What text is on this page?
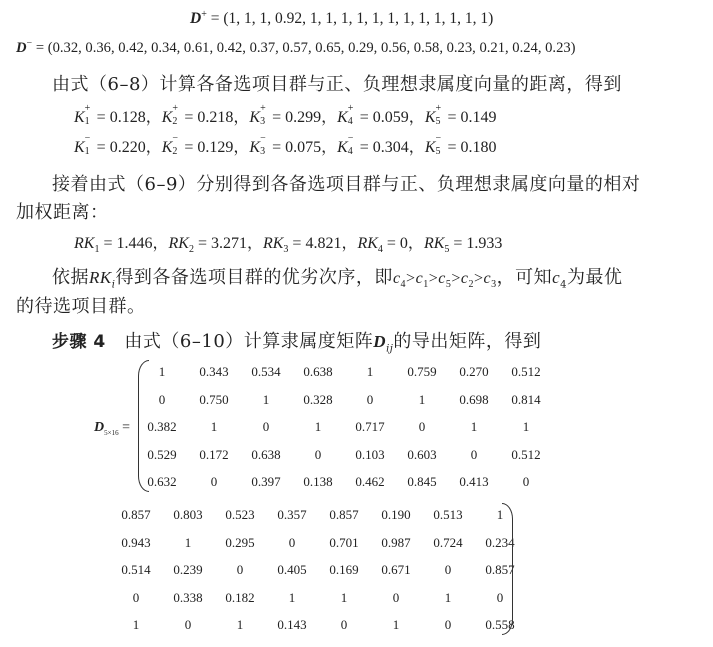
D+ = (1, 1, 1, 0.92, 1, 1, 1, 1, 1, 1, 1, 1, 1, 1, 1, 1)
D− = (0.32, 0.36, 0.42, 0.34, 0.61, 0.42, 0.37, 0.57, 0.65, 0.29, 0.56, 0.58, 0.23, 0.21, 0.24, 0.23)
由式（6–8）计算各备选项目群与正、负理想隶属度向量的距离，得到
K
+
1 = 0.128，K
+
2 = 0.218，K
+
3 = 0.299，K
+
4 = 0.059，K
+
5 = 0.149
K
−
1 = 0.220，K
−
2 = 0.129，K
−
3 = 0.075，K
−
4 = 0.304，K
−
5 = 0.180
接着由式（6–9）分别得到各备选项目群与正、负理想隶属度向量的相对
加权距离：
$RK_1 = 1.446$，$RK_2 = 3.271$，$RK_3 = 4.821$，$RK_4 = 0$，$RK_5 = 1.933$
依据$RK_i$得到各备选项目群的优劣次序，即$c_4>c_1>c_5>c_2>c_3$，可知$c_4$为最优
的待选项目群。
步骤 4 由式（6–10）计算隶属度矩阵$D_{ij}$的导出矩阵，得到
$D_{5\times 16}$ =
1	0.343	0.534	0.638	1	0.759	0.270	0.512
0	0.750	1	0.328	0	1	0.698	0.814
0.382	1	0	1	0.717	0	1	1
0.529	0.172	0.638	0	0.103	0.603	0	0.512
0.632	0	0.397	0.138	0.462	0.845	0.413	0
0.857	0.803	0.523	0.357	0.857	0.190	0.513	1
0.943	1	0.295	0	0.701	0.987	0.724	0.234
0.514	0.239	0	0.405	0.169	0.671	0	0.857
0	0.338	0.182	1	1	0	1	0
1	0	1	0.143	0	1	0	0.558
